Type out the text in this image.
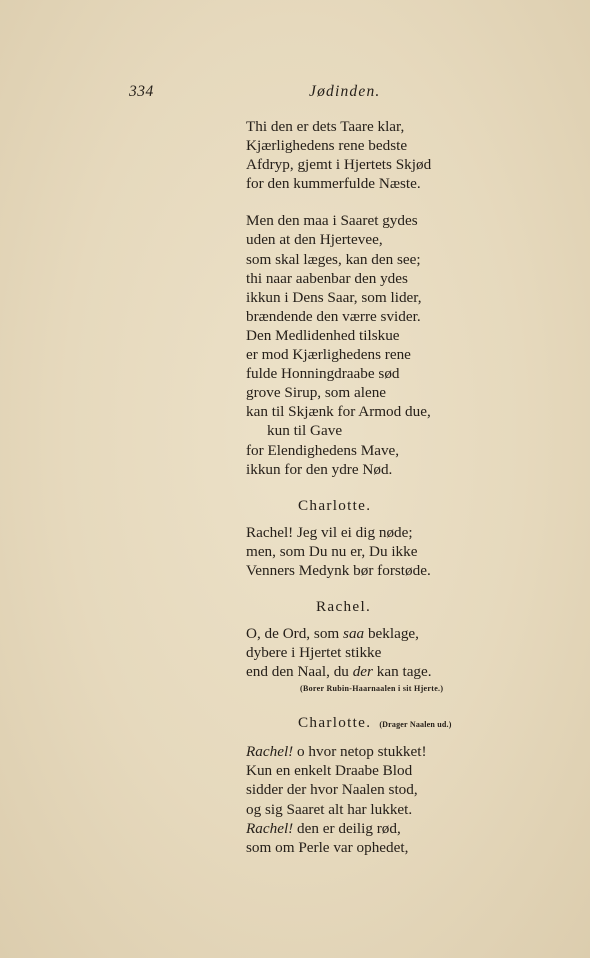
334	Jødinden.
Thi den er dets Taare klar,
Kjærlighedens rene bedste
Afdryp, gjemt i Hjertets Skjød
for den kummerfulde Næste.
Men den maa i Saaret gydes
uden at den Hjertevee,
som skal læges, kan den see;
thi naar aabenbar den ydes
ikkun i Dens Saar, som lider,
brændende den værre svider.
Den Medlidenhed tilskue
er mod Kjærlighedens rene
fulde Honningdraabe sød
grove Sirup, som alene
kan til Skjænk for Armod due,
kun til Gave
for Elendighedens Mave,
ikkun for den ydre Nød.
Charlotte.
Rachel! Jeg vil ei dig nøde;
men, som Du nu er, Du ikke
Venners Medynk bør forstøde.
Rachel.
O, de Ord, som saa beklage,
dybere i Hjertet stikke
end den Naal, du der kan tage.
(Borer Rubin-Haarnaalen i sit Hjerte.)
Charlotte. (Drager Naalen ud.)
Rachel! o hvor netop stukket!
Kun en enkelt Draabe Blod
sidder der hvor Naalen stod,
og sig Saaret alt har lukket.
Rachel! den er deilig rød,
som om Perle var ophedet,
